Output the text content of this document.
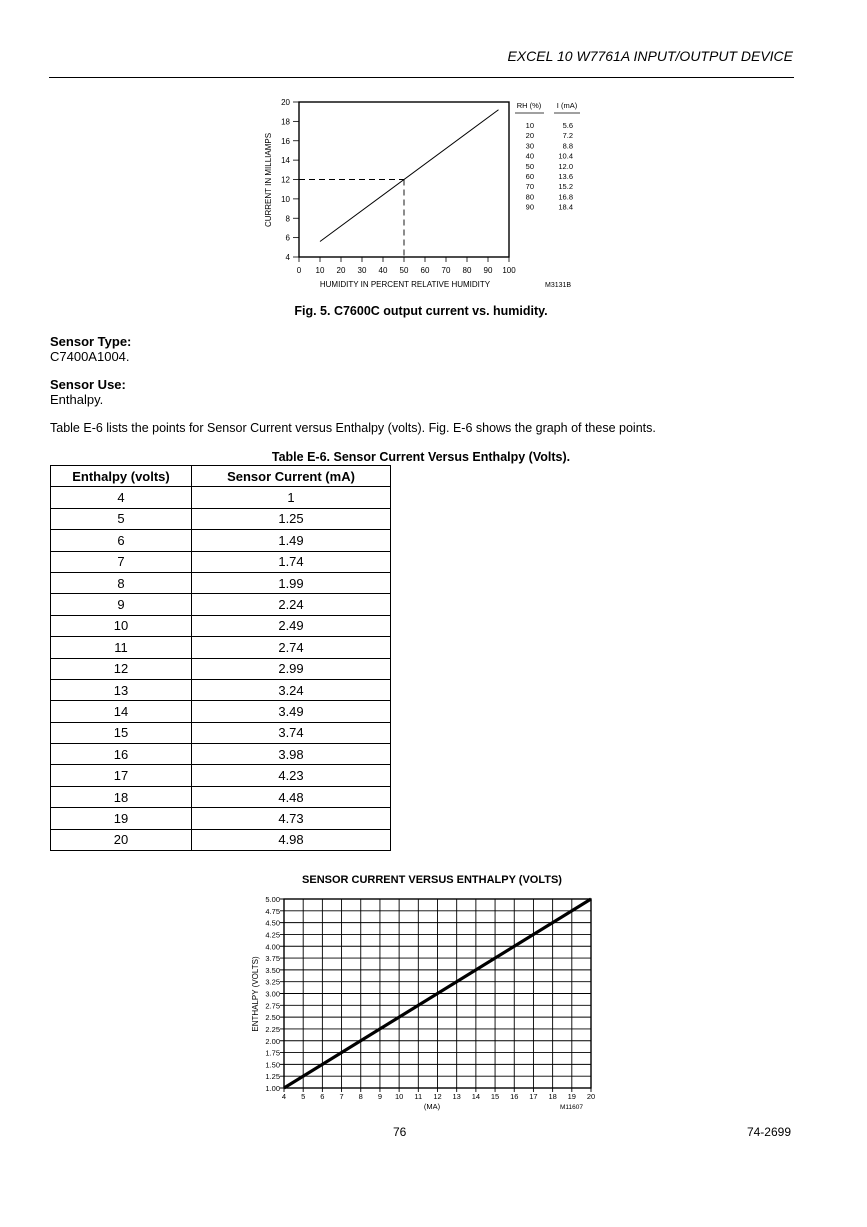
EXCEL 10 W7761A INPUT/OUTPUT DEVICE
4
6
8
10
12
14
16
18
20
0 10 20 30 40 50 60 70 80 90 100
CURRENT IN MILLIAMPS
HUMIDITY IN PERCENT RELATIVE HUMIDITY	M3131B
RH (%) I (mA)
10	5.6
20	7.2
30	8.8
40	10.4
50	12.0
60	13.6
70	15.2
80	16.8
90	18.4
Fig. 5. C7600C output current vs. humidity.
Sensor Type:
C7400A1004.
Sensor Use:
Enthalpy.
Table E-6 lists the points for Sensor Current versus Enthalpy (volts). Fig. E-6 shows the graph of these points.
Table E-6. Sensor Current Versus Enthalpy (Volts).
Enthalpy (volts)	Sensor Current (mA)
4	1
5	1.25
6	1.49
7	1.74
8	1.99
9	2.24
10	2.49
11	2.74
12	2.99
13	3.24
14	3.49
15	3.74
16	3.98
17	4.23
18	4.48
19	4.73
20	4.98
SENSOR CURRENT VERSUS ENTHALPY (VOLTS)
1.00
1.25
1.50
1.75
2.00
2.25
2.50
2.75
3.00
3.25
3.50
3.75
4.00
4.25
4.50
4.75
5.00
4 5 6 7 8 9 10 11 12 13 14 15 16 17 18 19 20
ENTHALPY (VOLTS)
(MA)	M11607
76	74-2699
